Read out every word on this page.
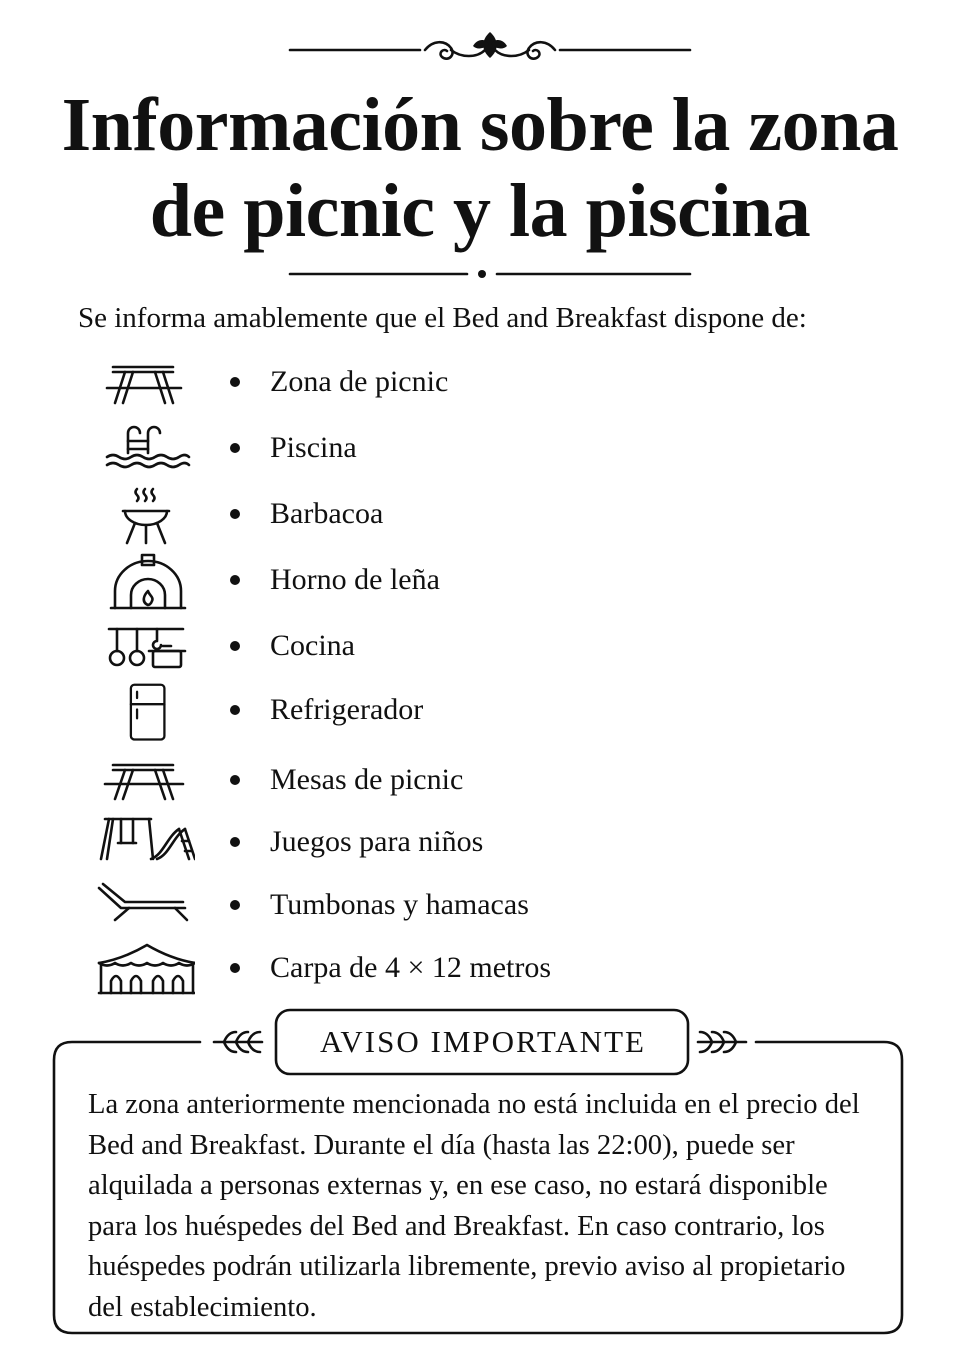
Información sobre la zona de picnic y la piscina
Se informa amablemente que el Bed and Breakfast dispone de:
Zona de picnic
Piscina
Barbacoa
Horno de leña
Cocina
Refrigerador
Mesas de picnic
Juegos para niños
Tumbonas y hamacas
Carpa de 4 × 12 metros
AVISO IMPORTANTE

La zona anteriormente mencionada no está incluida en el precio del Bed and Breakfast. Durante el día (hasta las 22:00), puede ser alquilada a personas externas y, en ese caso, no estará disponible para los huéspedes del Bed and Breakfast. En caso contrario, los huéspedes podrán utilizarla libremente, previo aviso al propietario del establecimiento.
